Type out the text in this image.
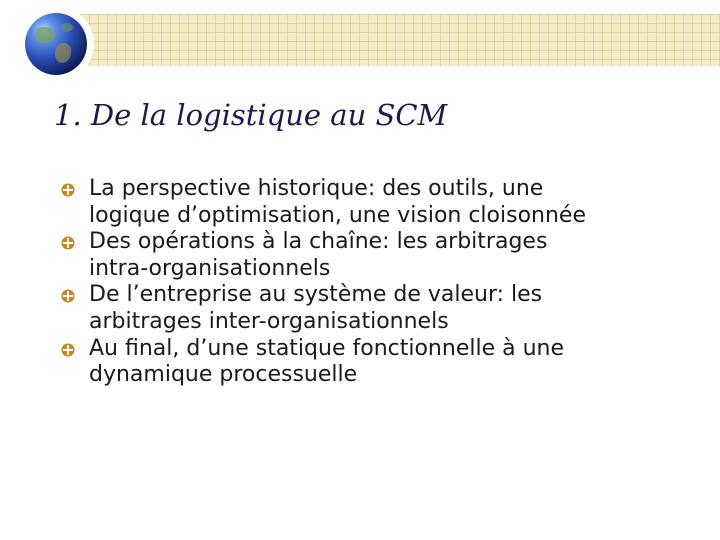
1. De la logistique au SCM
La perspective historique: des outils, une
logique d’optimisation, une vision cloisonnée
Des opérations à la chaîne: les arbitrages
intra-organisationnels
De l’entreprise au système de valeur: les
arbitrages inter-organisationnels
Au final, d’une statique fonctionnelle à une
dynamique processuelle
